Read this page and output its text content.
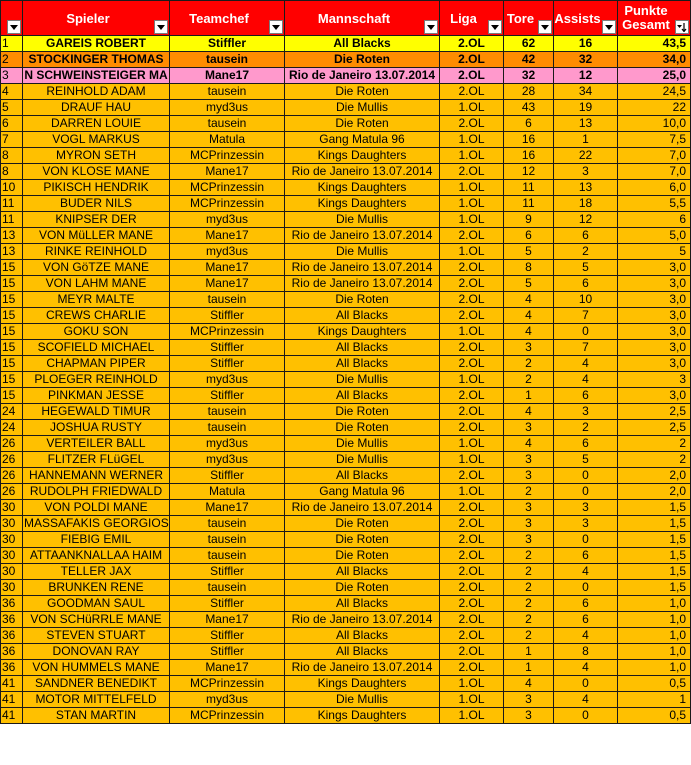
	Spieler	Teamchef	Mannschaft	Liga	Tore	Assists	Punkte
Gesamt

1	GAREIS ROBERT	Stiffler	All Blacks	2.OL	62	16	43,5
2	STOCKINGER THOMAS	tausein	Die Roten	2.OL	42	32	34,0
3	N SCHWEINSTEIGER MA	Mane17	Rio de Janeiro 13.07.2014	2.OL	32	12	25,0
4	REINHOLD ADAM	tausein	Die Roten	2.OL	28	34	24,5
5	DRAUF HAU	myd3us	Die Mullis	1.OL	43	19	22
6	DARREN LOUIE	tausein	Die Roten	2.OL	6	13	10,0
7	VOGL MARKUS	Matula	Gang Matula 96	1.OL	16	1	7,5
8	MYRON SETH	MCPrinzessin	Kings Daughters	1.OL	16	22	7,0
8	VON KLOSE MANE	Mane17	Rio de Janeiro 13.07.2014	2.OL	12	3	7,0
10	PIKISCH HENDRIK	MCPrinzessin	Kings Daughters	1.OL	11	13	6,0
11	BUDER NILS	MCPrinzessin	Kings Daughters	1.OL	11	18	5,5
11	KNIPSER DER	myd3us	Die Mullis	1.OL	9	12	6
13	VON MüLLER MANE	Mane17	Rio de Janeiro 13.07.2014	2.OL	6	6	5,0
13	RINKE REINHOLD	myd3us	Die Mullis	1.OL	5	2	5
15	VON GöTZE MANE	Mane17	Rio de Janeiro 13.07.2014	2.OL	8	5	3,0
15	VON LAHM MANE	Mane17	Rio de Janeiro 13.07.2014	2.OL	5	6	3,0
15	MEYR MALTE	tausein	Die Roten	2.OL	4	10	3,0
15	CREWS CHARLIE	Stiffler	All Blacks	2.OL	4	7	3,0
15	GOKU SON	MCPrinzessin	Kings Daughters	1.OL	4	0	3,0
15	SCOFIELD MICHAEL	Stiffler	All Blacks	2.OL	3	7	3,0
15	CHAPMAN PIPER	Stiffler	All Blacks	2.OL	2	4	3,0
15	PLOEGER REINHOLD	myd3us	Die Mullis	1.OL	2	4	3
15	PINKMAN JESSE	Stiffler	All Blacks	2.OL	1	6	3,0
24	HEGEWALD TIMUR	tausein	Die Roten	2.OL	4	3	2,5
24	JOSHUA RUSTY	tausein	Die Roten	2.OL	3	2	2,5
26	VERTEILER BALL	myd3us	Die Mullis	1.OL	4	6	2
26	FLITZER FLüGEL	myd3us	Die Mullis	1.OL	3	5	2
26	HANNEMANN WERNER	Stiffler	All Blacks	2.OL	3	0	2,0
26	RUDOLPH FRIEDWALD	Matula	Gang Matula 96	1.OL	2	0	2,0
30	VON POLDI MANE	Mane17	Rio de Janeiro 13.07.2014	2.OL	3	3	1,5
30	MASSAFAKIS GEORGIOS	tausein	Die Roten	2.OL	3	3	1,5
30	FIEBIG EMIL	tausein	Die Roten	2.OL	3	0	1,5
30	ATTAANKNALLAA HAIM	tausein	Die Roten	2.OL	2	6	1,5
30	TELLER JAX	Stiffler	All Blacks	2.OL	2	4	1,5
30	BRUNKEN RENE	tausein	Die Roten	2.OL	2	0	1,5
36	GOODMAN SAUL	Stiffler	All Blacks	2.OL	2	6	1,0
36	VON SCHüRRLE MANE	Mane17	Rio de Janeiro 13.07.2014	2.OL	2	6	1,0
36	STEVEN STUART	Stiffler	All Blacks	2.OL	2	4	1,0
36	DONOVAN RAY	Stiffler	All Blacks	2.OL	1	8	1,0
36	VON HUMMELS MANE	Mane17	Rio de Janeiro 13.07.2014	2.OL	1	4	1,0
41	SANDNER BENEDIKT	MCPrinzessin	Kings Daughters	1.OL	4	0	0,5
41	MOTOR MITTELFELD	myd3us	Die Mullis	1.OL	3	4	1
41	STAN MARTIN	MCPrinzessin	Kings Daughters	1.OL	3	0	0,5
